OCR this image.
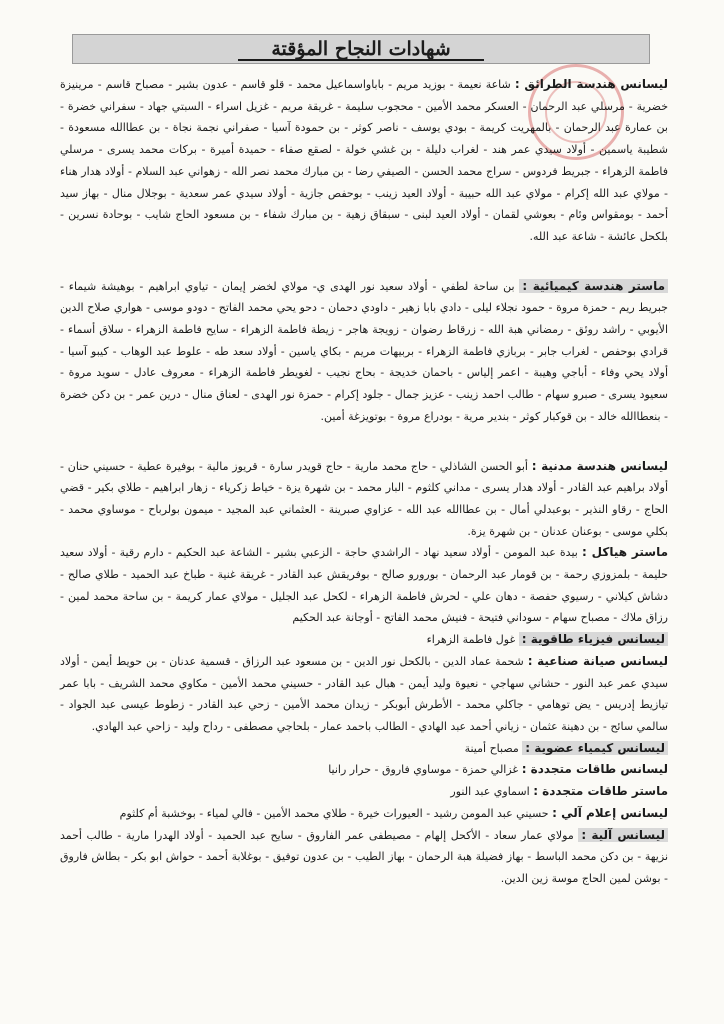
شهادات النجاح المؤقتة

ليسانس هندسة الطرائق : شاعة نعيمة - بوزيد مريم - باباواسماعيل محمد - قلو قاسم - عدون بشير - مصباح قاسم - مرينيزة خضرية - مرسلي عبد الرحمان - العسكر محمد الأمين - محجوب سليمة - غريقة مريم - غزيل اسراء - السبتي جهاد - سفراني خضرة - بن عمارة عبد الرحمان - بالمهريت كريمة - بودي يوسف - ناصر كوثر - بن حمودة آسيا - صفراني نجمة نجاة - بن عطاالله مسعودة - شطيبة ياسمين - أولاد سيدي عمر هند - لغراب دليلة - بن غشي خولة - لصقع صفاء - حميدة أميرة - بركات محمد يسرى - مرسلي فاطمة الزهراء - جبريط فردوس - سراج محمد الحسن - الصيفي رضا - بن مبارك محمد نصر الله - زهواني عبد السلام - أولاد هدار هناء - مولاي عبد الله إكرام - مولاي عبد الله حبيبة - أولاد العيد زينب - بوحفص جازية - أولاد سيدي عمر سعدية - بوجلال منال - بهاز سيد أحمد - بومقواس وئام - بعوشي لقمان - أولاد العيد لبنى - سبقاق زهية - بن مبارك شفاء - بن مسعود الحاج شايب - بوحادة نسرين - بلكحل عائشة - شاعة عبد الله.

ماستر هندسة كيميائية : بن ساحة لطفي - أولاد سعيد نور الهدى ي- مولاي لخضر إيمان - تياوي ابراهيم - بوهيشة شيماء - جبريط ريم - حمزة مروة - حمود نجلاء ليلى - دادي بابا زهير - داودي دحمان - دحو يحي محمد الفاتح - دودو موسى - هواري صلاح الدين الأيوبي - راشد روئق - رمضاني هبة الله - زرقاط رضوان - زويجة هاجر - زيطة فاطمة الزهراء - سايح فاطمة الزهراء - سلاق أسماء - قرادي بوحفص - لغراب جابر - بربازي فاطمة الزهراء - بربيهات مريم - بكاي ياسين - أولاد سعد طه - علوط عبد الوهاب - كيبو آسيا - أولاد يحي وفاء - أباجي وهيبة - اعمر إلياس - باحمان خديجة - بحاج نجيب - لغويطر فاطمة الزهراء - معروف عادل - سويد مروة - سعيود يسرى - صبرو سهام - طالب احمد زينب - عزيز جمال - جلود إكرام - حمزة نور الهدى - لعناق منال - درين عمر - بن دكن خضرة - بنعطاالله خالد - بن قوكبار كوثر - بندير مرية - بودراع مروة - بوتويزغة أمين.

ليسانس هندسة مدنية : أبو الحسن الشاذلي - حاج محمد مارية - حاج قويدر سارة - قريوز مالية - بوفيرة عطية - حسيني حنان - أولاد براهيم عبد القادر - أولاد هدار يسرى - مداني كلثوم - البار محمد - بن شهرة يزة - خياط زكرياء - زهار ابراهيم - طلاي بكير - قضي الحاج - رقاو النذير - بوعبدلي أمال - بن عطاالله عبد الله - عزاوي صبرينة - العثماني عبد المجيد - ميمون بولرباح - موساوي محمد - بكلي موسى - بوعنان عدنان - بن شهرة يزة.

ماستر هياكل : بيدة عبد المومن - أولاد سعيد نهاد - الراشدي حاجة - الزعبي بشير - الشاعة عبد الحكيم - دارم رقية - أولاد سعيد حليمة - بلمزوزي رحمة - بن قومار عبد الرحمان - بورورو صالح - بوفريقش عبد القادر - غريقة غنية - طباخ عبد الحميد - طلاي صالح - دشاش كيلاني - رسيوي حفصة - دهان علي - لحرش فاطمة الزهراء - لكحل عبد الجليل - مولاي عمار كريمة - بن ساحة محمد لمين - رزاق ملاك - مصباح سهام - سوداني فتيحة - فنيش محمد الفاتح - أوجانة عبد الحكيم

ليسانس فيزياء طاقوية : غول فاطمة الزهراء

ليسانس صيانة صناعية : شحمة عماد الدين - بالكحل نور الدين - بن مسعود عبد الرزاق - قسمية عدنان - بن حويط أيمن - أولاد سيدي عمر عبد النور - حشاني سهاجي - نعيوة وليد أيمن - هبال عبد القادر - حسيني محمد الأمين - مكاوي محمد الشريف - بابا عمر تيازيط إدريس - يض توهامي - جاكلي محمد - الأطرش أبوبكر - زيدان محمد الأمين - زحي عبد القادر - زطوط عيسى عبد الجواد - سالمي سائح - بن دهينة عثمان - زياني أحمد عبد الهادي - الطالب باحمد عمار - بلحاجي مصطفى - رداح وليد - زاحي عبد الهادي.

ليسانس كيمياء عضوية : مصباح أمينة

ليسانس طاقات متجددة : غزالي حمزة - موساوي فاروق - حرار رانيا

ماستر طاقات متجددة : اسماوي عبد النور

ليسانس إعلام آلي : حسيني عبد المومن رشيد - العيورات خيرة - طلاي محمد الأمين - فالي لمياء - بوخشبة أم كلثوم

ليسانس آلية : مولاي عمار سعاد - الأكحل إلهام - مصيطفى عمر الفاروق - سايح عبد الحميد - أولاد الهدرا مارية - طالب أحمد نزيهة - بن دكن محمد الباسط - بهاز فضيلة هبة الرحمان - بهاز الطيب - بن عدون توفيق - بوغلابة أحمد - حواش ابو بكر - بطاش فاروق - بوشن لمين الحاج موسة زين الدين.
